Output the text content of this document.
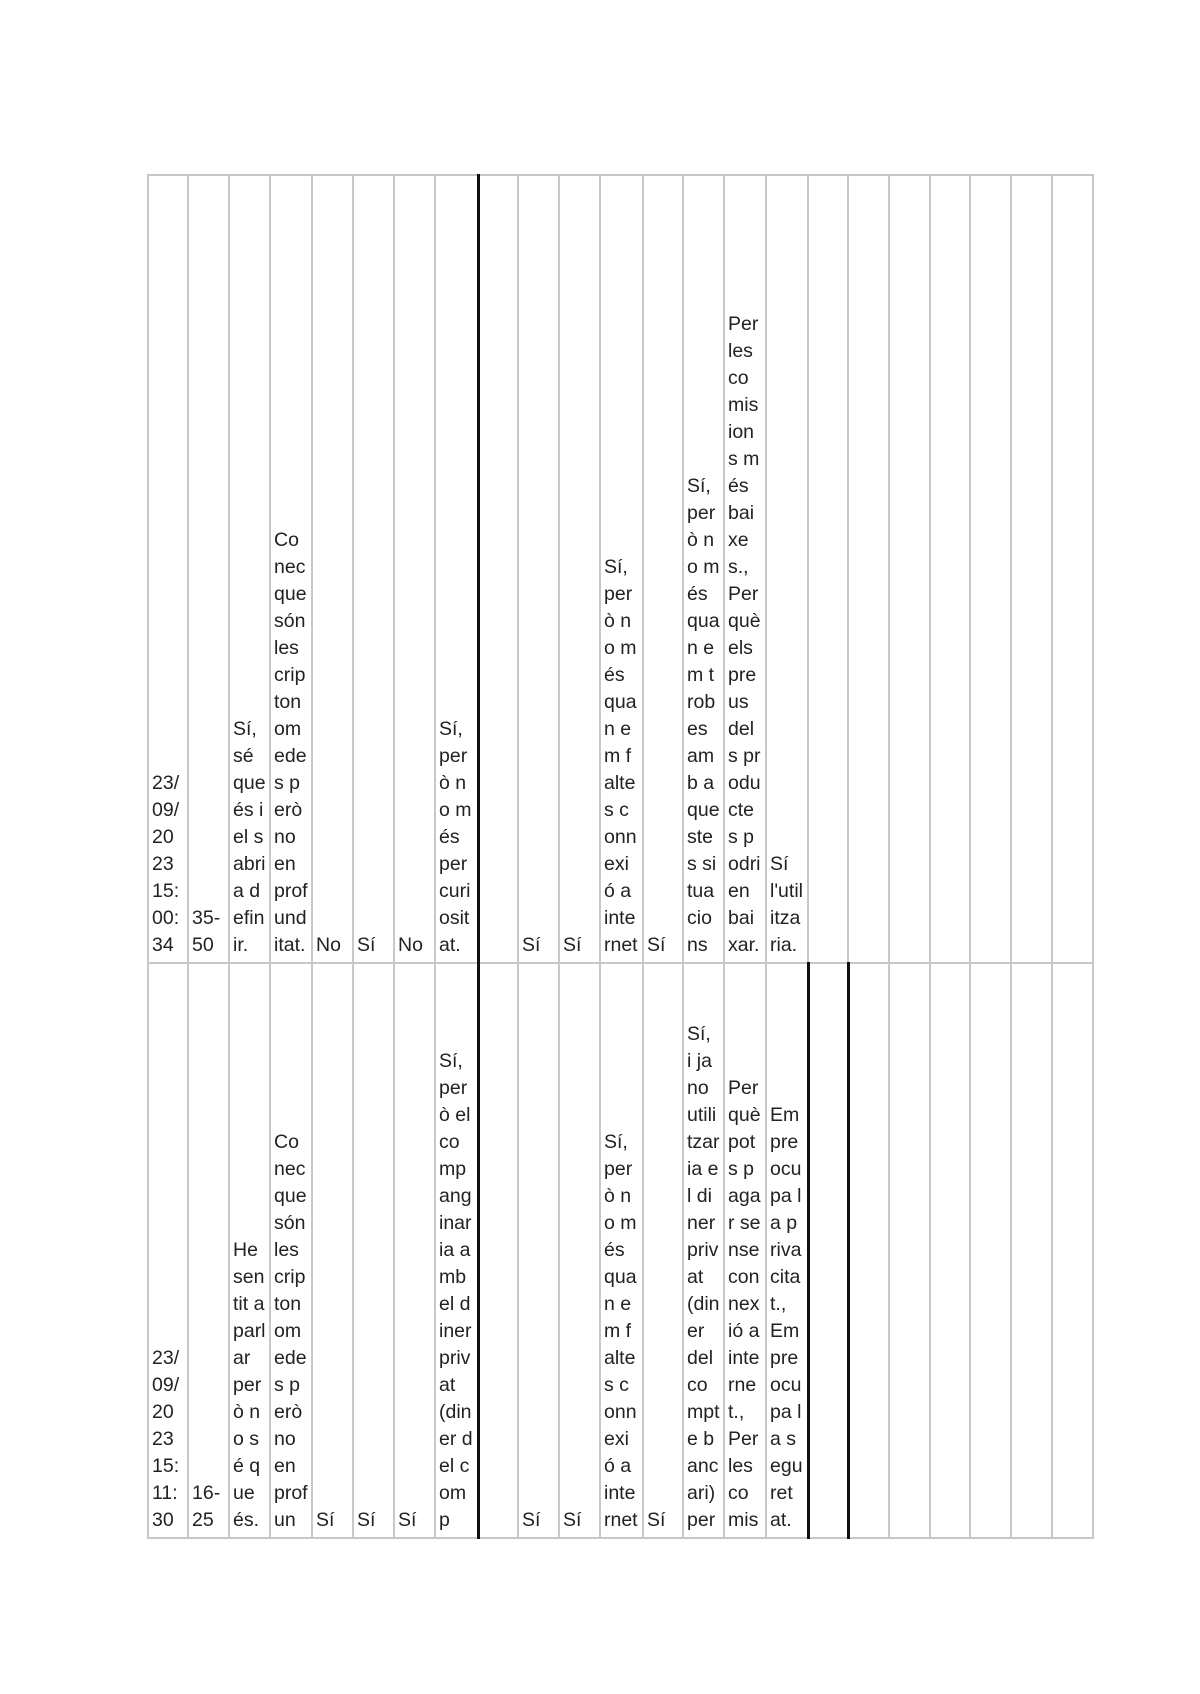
23/09/2023 15:00:34	35-50	Sí, sé que és i el sabria definir.	Conec que són les criptonomedes però no en profunditat.	No	Sí	No	Sí, però no més per curiositat.		Sí	Sí	Sí, però no més quan em faltes connexió a internet	Sí	Sí, però no més quan em trobes amb aquestes situacions	Per les comisions més baixes., Perquè els preus dels productes podrien baixar.	Sí l'utilitzaria.							
23/09/2023 15:11:30	16-25	He sentit a parlar però no sé que és.	Conec que són les criptonomedes però no en profun	Sí	Sí	Sí	Sí, però el companginaria amb el diner privat (diner del comp		Sí	Sí	Sí, però no més quan em faltes connexió a internet	Sí	Sí, i ja no utilitzaria el diner privat (diner del compte bancari) per	Perquè pots pagar sense connexió a internet., Per les comis	Em preocupa la privacitat., Em preocupa la seguretat.							
